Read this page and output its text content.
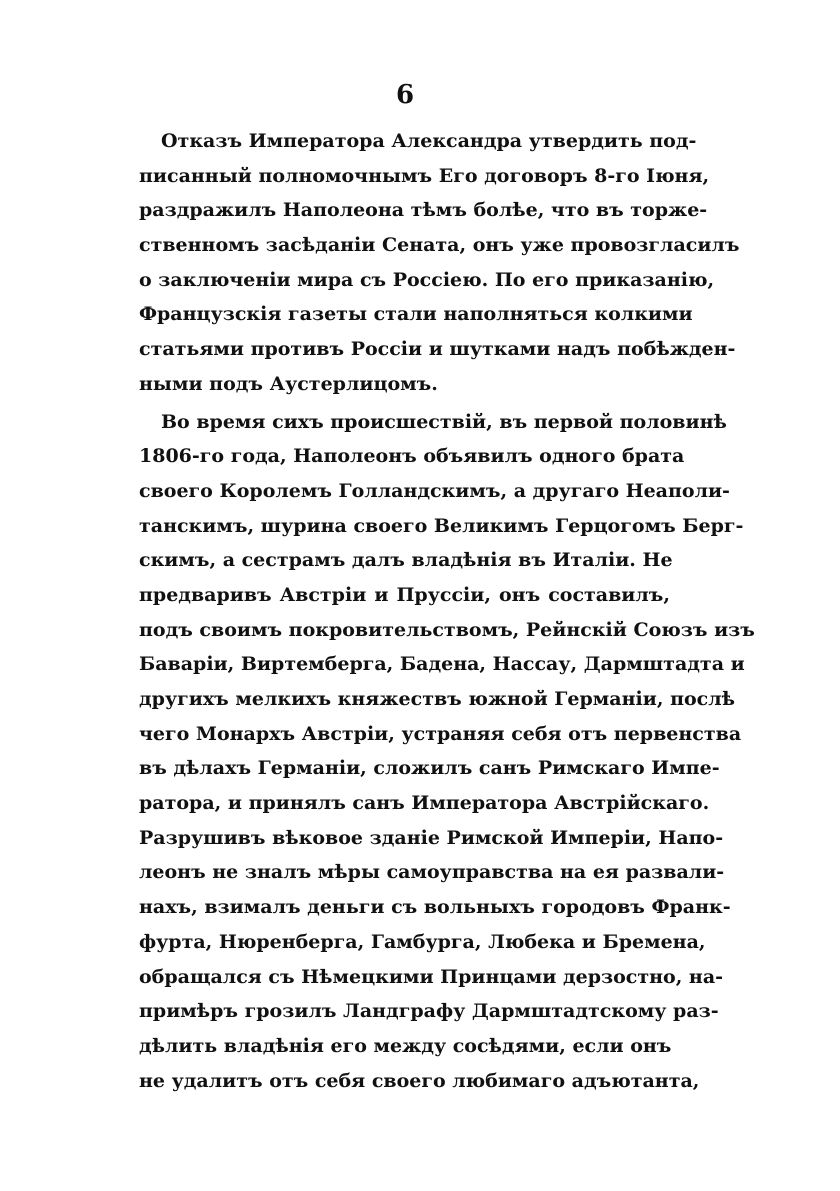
6
Отказъ Императора Александра утвердить под-
писанный полномочнымъ Его договоръ 8-го Іюня,
раздражилъ Наполеона тѣмъ болѣе, что въ торже-
ственномъ засѣданіи Сената, онъ уже провозгласилъ
о заключеніи мира съ Россіею. По его приказанію,
Французскія газеты стали наполняться колкими
статьями противъ Россіи и шутками надъ побѣжден-
ными подъ Аустерлицомъ.
Во время сихъ происшествій, въ первой половинѣ
1806-го года, Наполеонъ объявилъ одного брата
своего Королемъ Голландскимъ, а другаго Неаполи-
танскимъ, шурина своего Великимъ Герцогомъ Берг-
скимъ, а сестрамъ далъ владѣнія въ Италіи. Не
предваривъ Австріи и Пруссіи, онъ составилъ,
подъ своимъ покровительствомъ, Рейнскій Союзъ изъ
Баваріи, Виртемберга, Бадена, Нассау, Дармштадта и
другихъ мелкихъ княжествъ южной Германіи, послѣ
чего Монархъ Австріи, устраняя себя отъ первенства
въ дѣлахъ Германіи, сложилъ санъ Римскаго Импе-
ратора, и принялъ санъ Императора Австрійскаго.
Разрушивъ вѣковое зданіе Римской Имперіи, Напо-
леонъ не зналъ мѣры самоуправства на ея развали-
нахъ, взималъ деньги съ вольныхъ городовъ Франк-
фурта, Нюренберга, Гамбурга, Любека и Бремена,
обращался съ Нѣмецкими Принцами дерзостно, на-
примѣръ грозилъ Ландграфу Дармштадтскому раз-
дѣлить владѣнія его между сосѣдями, если онъ
не удалитъ отъ себя своего любимаго адъютанта,
